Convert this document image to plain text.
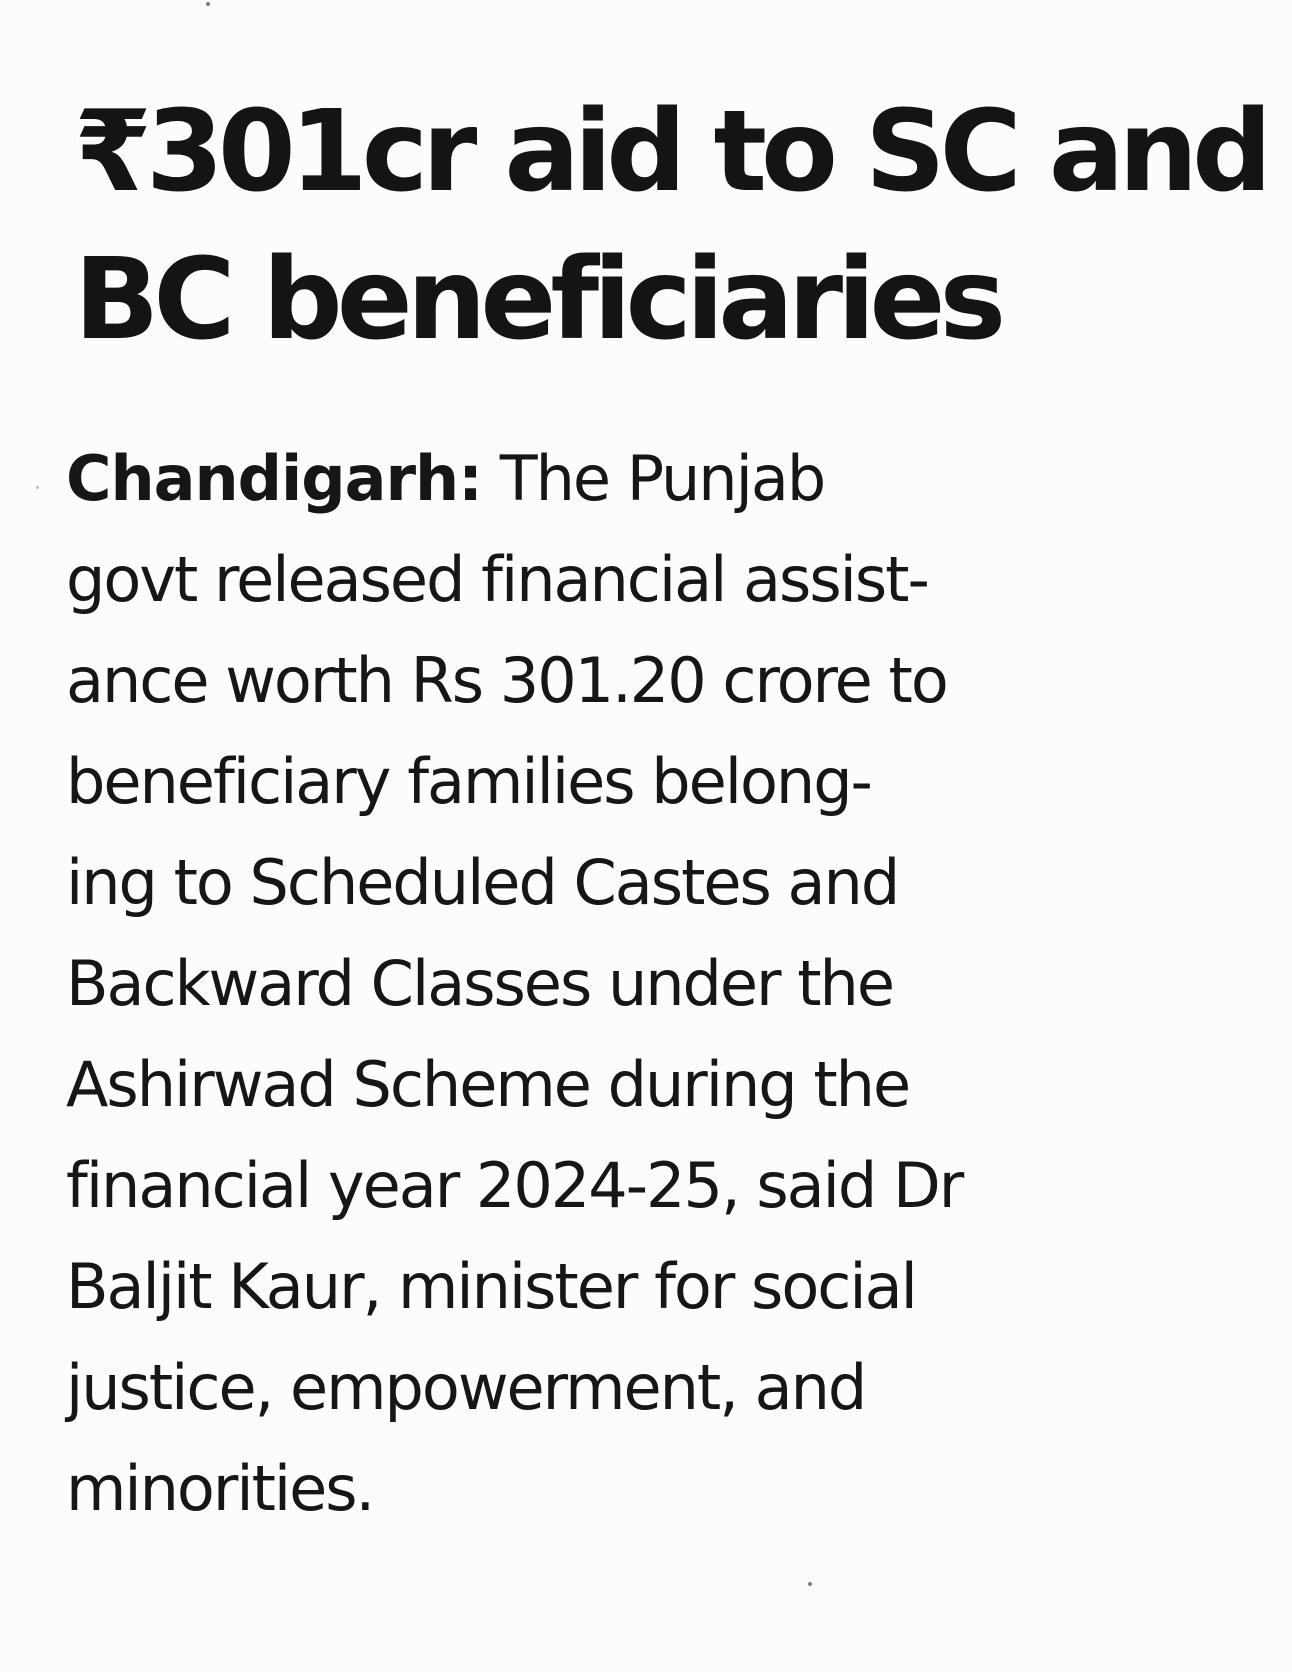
₹301cr aid to SC and
BC beneficiaries

Chandigarh: The Punjab
govt released financial assist-
ance worth Rs 301.20 crore to
beneficiary families belong-
ing to Scheduled Castes and
Backward Classes under the
Ashirwad Scheme during the
financial year 2024-25, said Dr
Baljit Kaur, minister for social
justice, empowerment, and
minorities.
